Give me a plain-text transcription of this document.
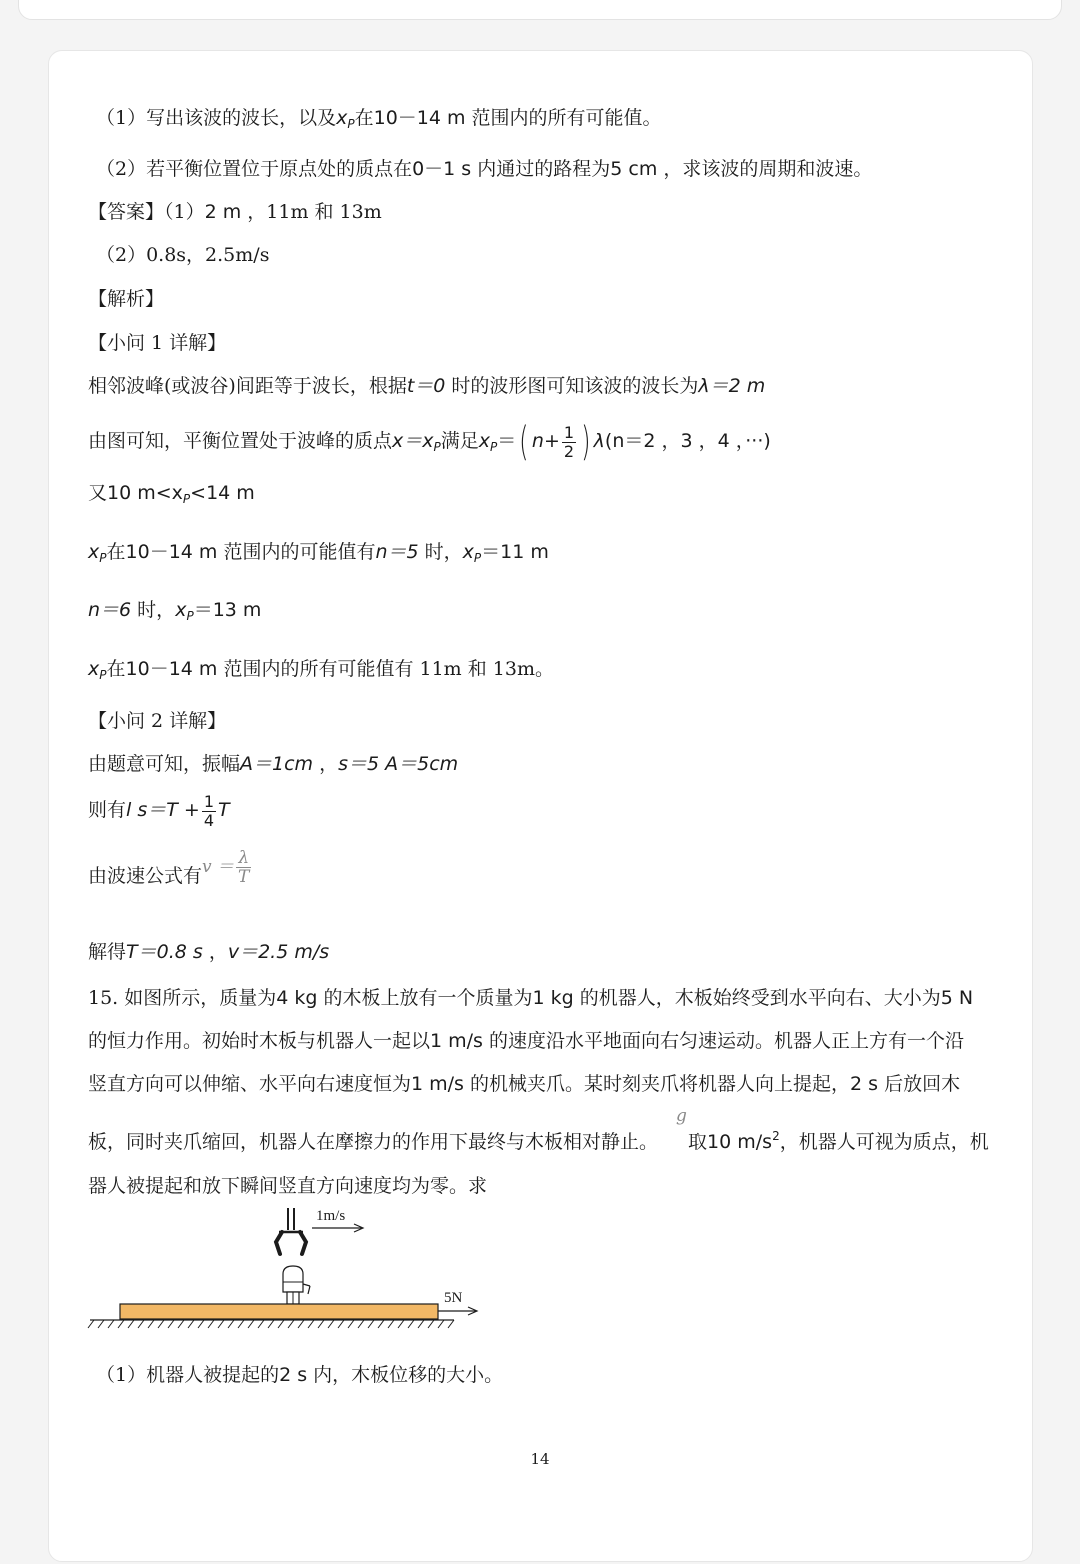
（1）写出该波的波长，以及$x_P$在10－14 m 范围内的所有可能值。
（2）若平衡位置位于原点处的质点在0－1 s 内通过的路程为5 cm ，求该波的周期和波速。
【答案】（1）2 m ，11m 和 13m
（2）0.8s，2.5m/s
【解析】
【小问 1 详解】
相邻波峰(或波谷)间距等于波长，根据t＝0 时的波形图可知该波的波长为λ＝2 m
由图可知，平衡位置处于波峰的质点$x=x_P$满足$x_P=$( $n+ \frac{1}{2}$ ) λ(n＝2 ，3 ，4 ，···)
又10 $m<x_P<14$ m
$x_P$在10－14 m 范围内的可能值有n＝5 时，$x_P=11$ m
n＝6 时，$x_P=13$ m
$x_P$在10－14 m 范围内的所有可能值有 11m 和 13m。
【小问 2 详解】
由题意可知，振幅A＝1cm ，s＝5 A＝5cm
则有l $s=T + \frac{1}{4}$ T
由波速公式有$v = \frac{\lambda}{T}$
解得T＝0.8 s ，v＝2.5 m/s
15. 如图所示，质量为4 kg 的木板上放有一个质量为1 kg 的机器人，木板始终受到水平向右、大小为5 N
的恒力作用。初始时木板与机器人一起以1 m/s 的速度沿水平地面向右匀速运动。机器人正上方有一个沿
竖直方向可以伸缩、水平向右速度恒为1 m/s 的机械夹爪。某时刻夹爪将机器人向上提起，2 s 后放回木
g
板，同时夹爪缩回，机器人在摩擦力的作用下最终与木板相对静止。 取10 $m/s^2$，机器人可视为质点，机
器人被提起和放下瞬间竖直方向速度均为零。求
1m/s
5N
（1）机器人被提起的2 s 内，木板位移的大小。
14
